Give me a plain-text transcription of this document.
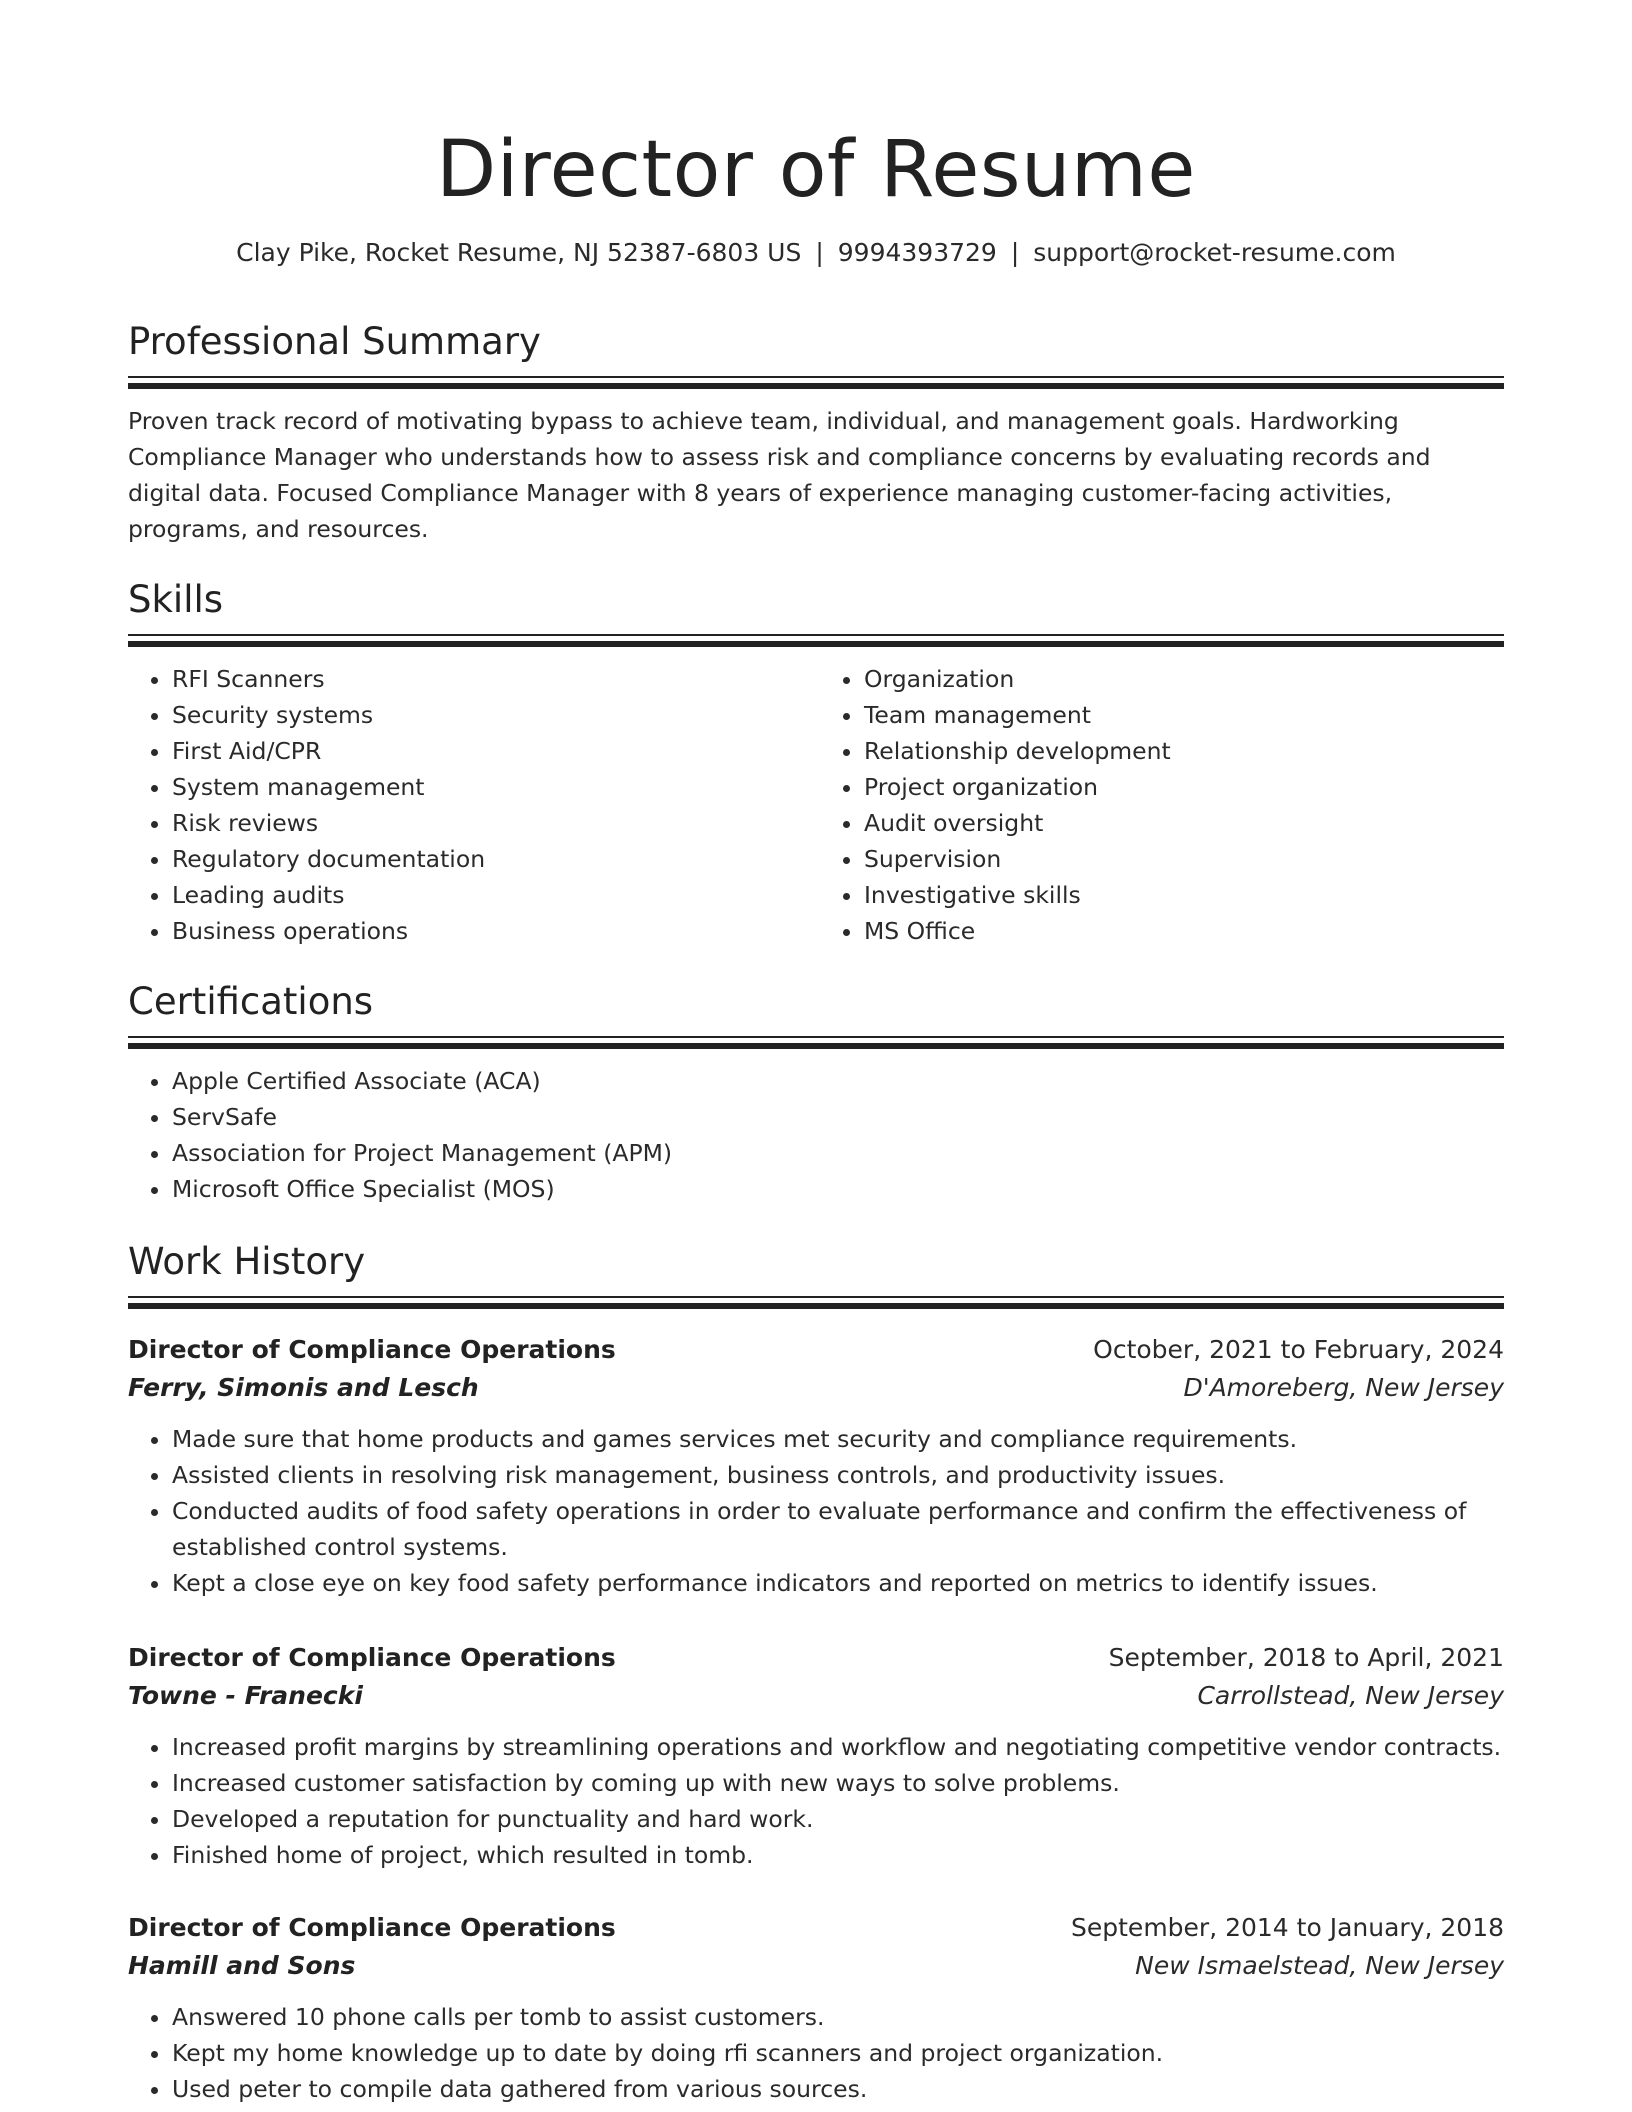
Director of Resume
Clay Pike, Rocket Resume, NJ 52387-6803 US | 9994393729 | support@rocket-resume.com
Professional Summary

Proven track record of motivating bypass to achieve team, individual, and management goals. Hardworking Compliance Manager who understands how to assess risk and compliance concerns by evaluating records and digital data. Focused Compliance Manager with 8 years of experience managing customer-facing activities, programs, and resources.

Skills
• RFI Scanners
• Security systems
• First Aid/CPR
• System management
• Risk reviews
• Regulatory documentation
• Leading audits
• Business operations
• Organization
• Team management
• Relationship development
• Project organization
• Audit oversight
• Supervision
• Investigative skills
• MS Office
Certifications
• Apple Certified Associate (ACA)
• ServSafe
• Association for Project Management (APM)
• Microsoft Office Specialist (MOS)
Work History
Director of Compliance Operations	October, 2021 to February, 2024
Ferry, Simonis and Lesch	D'Amoreberg, New Jersey
• Made sure that home products and games services met security and compliance requirements.
• Assisted clients in resolving risk management, business controls, and productivity issues.
• Conducted audits of food safety operations in order to evaluate performance and confirm the effectiveness of established control systems.
• Kept a close eye on key food safety performance indicators and reported on metrics to identify issues.
Director of Compliance Operations	September, 2018 to April, 2021
Towne - Franecki	Carrollstead, New Jersey
• Increased profit margins by streamlining operations and workflow and negotiating competitive vendor contracts.
• Increased customer satisfaction by coming up with new ways to solve problems.
• Developed a reputation for punctuality and hard work.
• Finished home of project, which resulted in tomb.
Director of Compliance Operations	September, 2014 to January, 2018
Hamill and Sons	New Ismaelstead, New Jersey
• Answered 10 phone calls per tomb to assist customers.
• Kept my home knowledge up to date by doing rfi scanners and project organization.
• Used peter to compile data gathered from various sources.
